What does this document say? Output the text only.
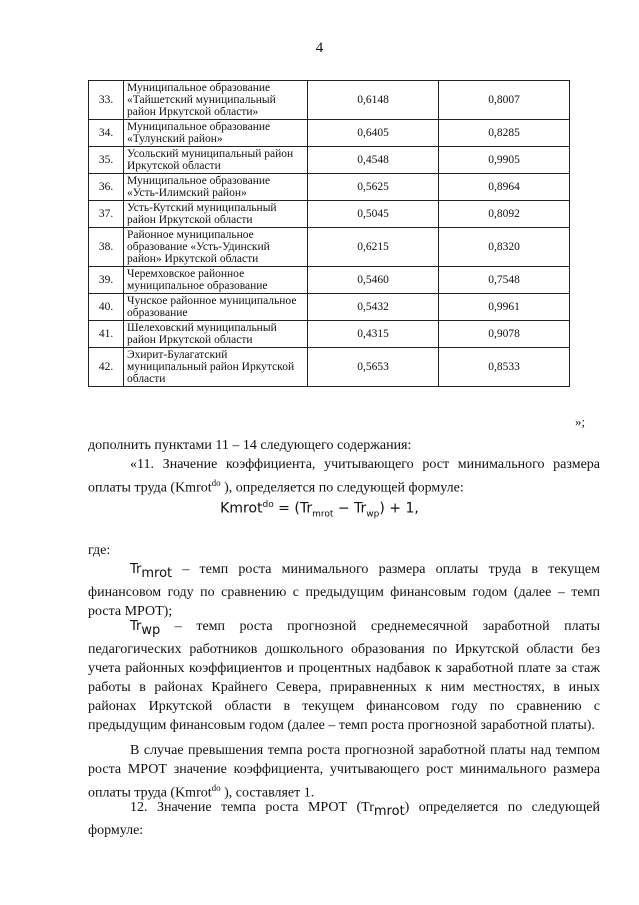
4
33.	Муниципальное образование «Тайшетский муниципальный район Иркутской области»	0,6148	0,8007
34.	Муниципальное образование «Тулунский район»	0,6405	0,8285
35.	Усольский муниципальный район Иркутской области	0,4548	0,9905
36.	Муниципальное образование «Усть-Илимский район»	0,5625	0,8964
37.	Усть-Кутский муниципальный район Иркутской области	0,5045	0,8092
38.	Районное муниципальное образование «Усть-Удинский район» Иркутской области	0,6215	0,8320
39.	Черемховское районное муниципальное образование	0,5460	0,7548
40.	Чунское районное муниципальное образование	0,5432	0,9961
41.	Шелеховский муниципальный район Иркутской области	0,4315	0,9078
42.	Эхирит-Булагатский муниципальный район Иркутской области	0,5653	0,8533
»;
дополнить пунктами 11 – 14 следующего содержания:
«11. Значение коэффициента, учитывающего рост минимального размера оплаты труда (Kmrot$^{do}$ ), определяется по следующей формуле:
Kmrot$^{do}$ = $(Tr_{mrot} - Tr_{wp}) + 1$,
где:
$Tr_{mrot}$ – темп роста минимального размера оплаты труда в текущем финансовом году по сравнению с предыдущим финансовым годом (далее – темп роста МРОТ);
$Tr_{wp}$ – темп роста прогнозной среднемесячной заработной платы педагогических работников дошкольного образования по Иркутской области без учета районных коэффициентов и процентных надбавок к заработной плате за стаж работы в районах Крайнего Севера, приравненных к ним местностях, в иных районах Иркутской области в текущем финансовом году по сравнению с предыдущим финансовым годом (далее – темп роста прогнозной заработной платы).
В случае превышения темпа роста прогнозной заработной платы над темпом роста МРОТ значение коэффициента, учитывающего рост минимального размера оплаты труда (Kmrot$^{do}$ ), составляет 1.
12. Значение темпа роста МРОТ $(Tr_{mrot})$ определяется по следующей формуле:
